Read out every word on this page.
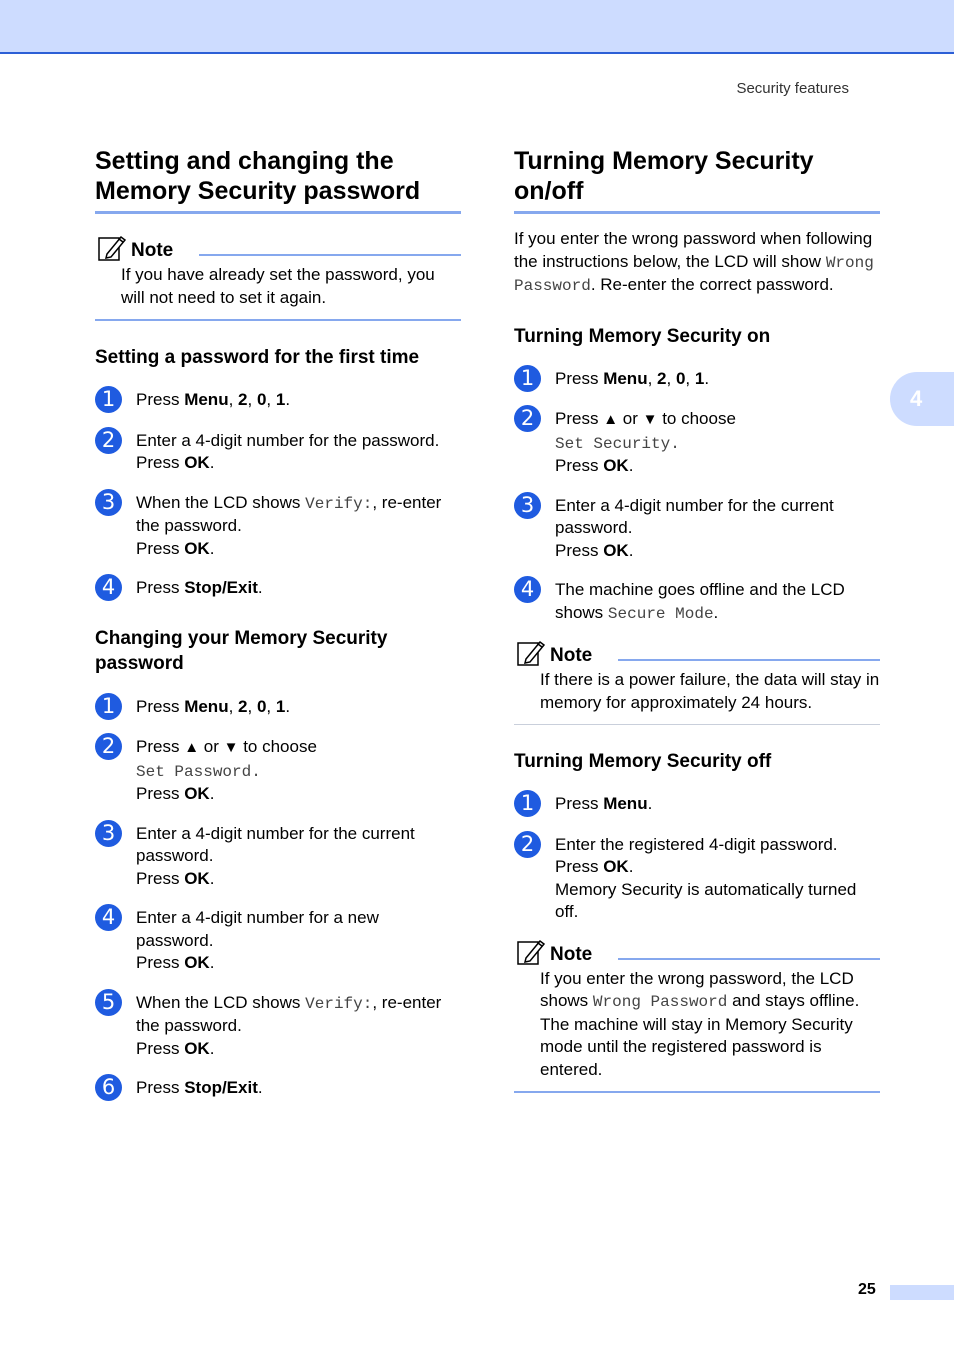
Security features
4
Setting and changing the Memory Security password
Note
If you have already set the password, you will not need to set it again.
Setting a password for the first time
1	Press Menu, 2, 0, 1.
2	Enter a 4-digit number for the password.
Press OK.
3	When the LCD shows Verify:, re-enter the password.
Press OK.
4	Press Stop/Exit.
Changing your Memory Security password
1	Press Menu, 2, 0, 1.
2	Press ▲ or ▼ to choose
Set Password.
Press OK.
3	Enter a 4-digit number for the current password.
Press OK.
4	Enter a 4-digit number for a new password.
Press OK.
5	When the LCD shows Verify:, re-enter the password.
Press OK.
6	Press Stop/Exit.
Turning Memory Security on/off

If you enter the wrong password when following the instructions below, the LCD will show Wrong Password. Re-enter the correct password.

Turning Memory Security on
1	Press Menu, 2, 0, 1.
2	Press ▲ or ▼ to choose
Set Security.
Press OK.
3	Enter a 4-digit number for the current password.
Press OK.
4	The machine goes offline and the LCD shows Secure Mode.
Note
If there is a power failure, the data will stay in memory for approximately 24 hours.
Turning Memory Security off
1	Press Menu.
2	Enter the registered 4-digit password.
Press OK.
Memory Security is automatically turned off.
Note
If you enter the wrong password, the LCD shows Wrong Password and stays offline. The machine will stay in Memory Security mode until the registered password is entered.
25
